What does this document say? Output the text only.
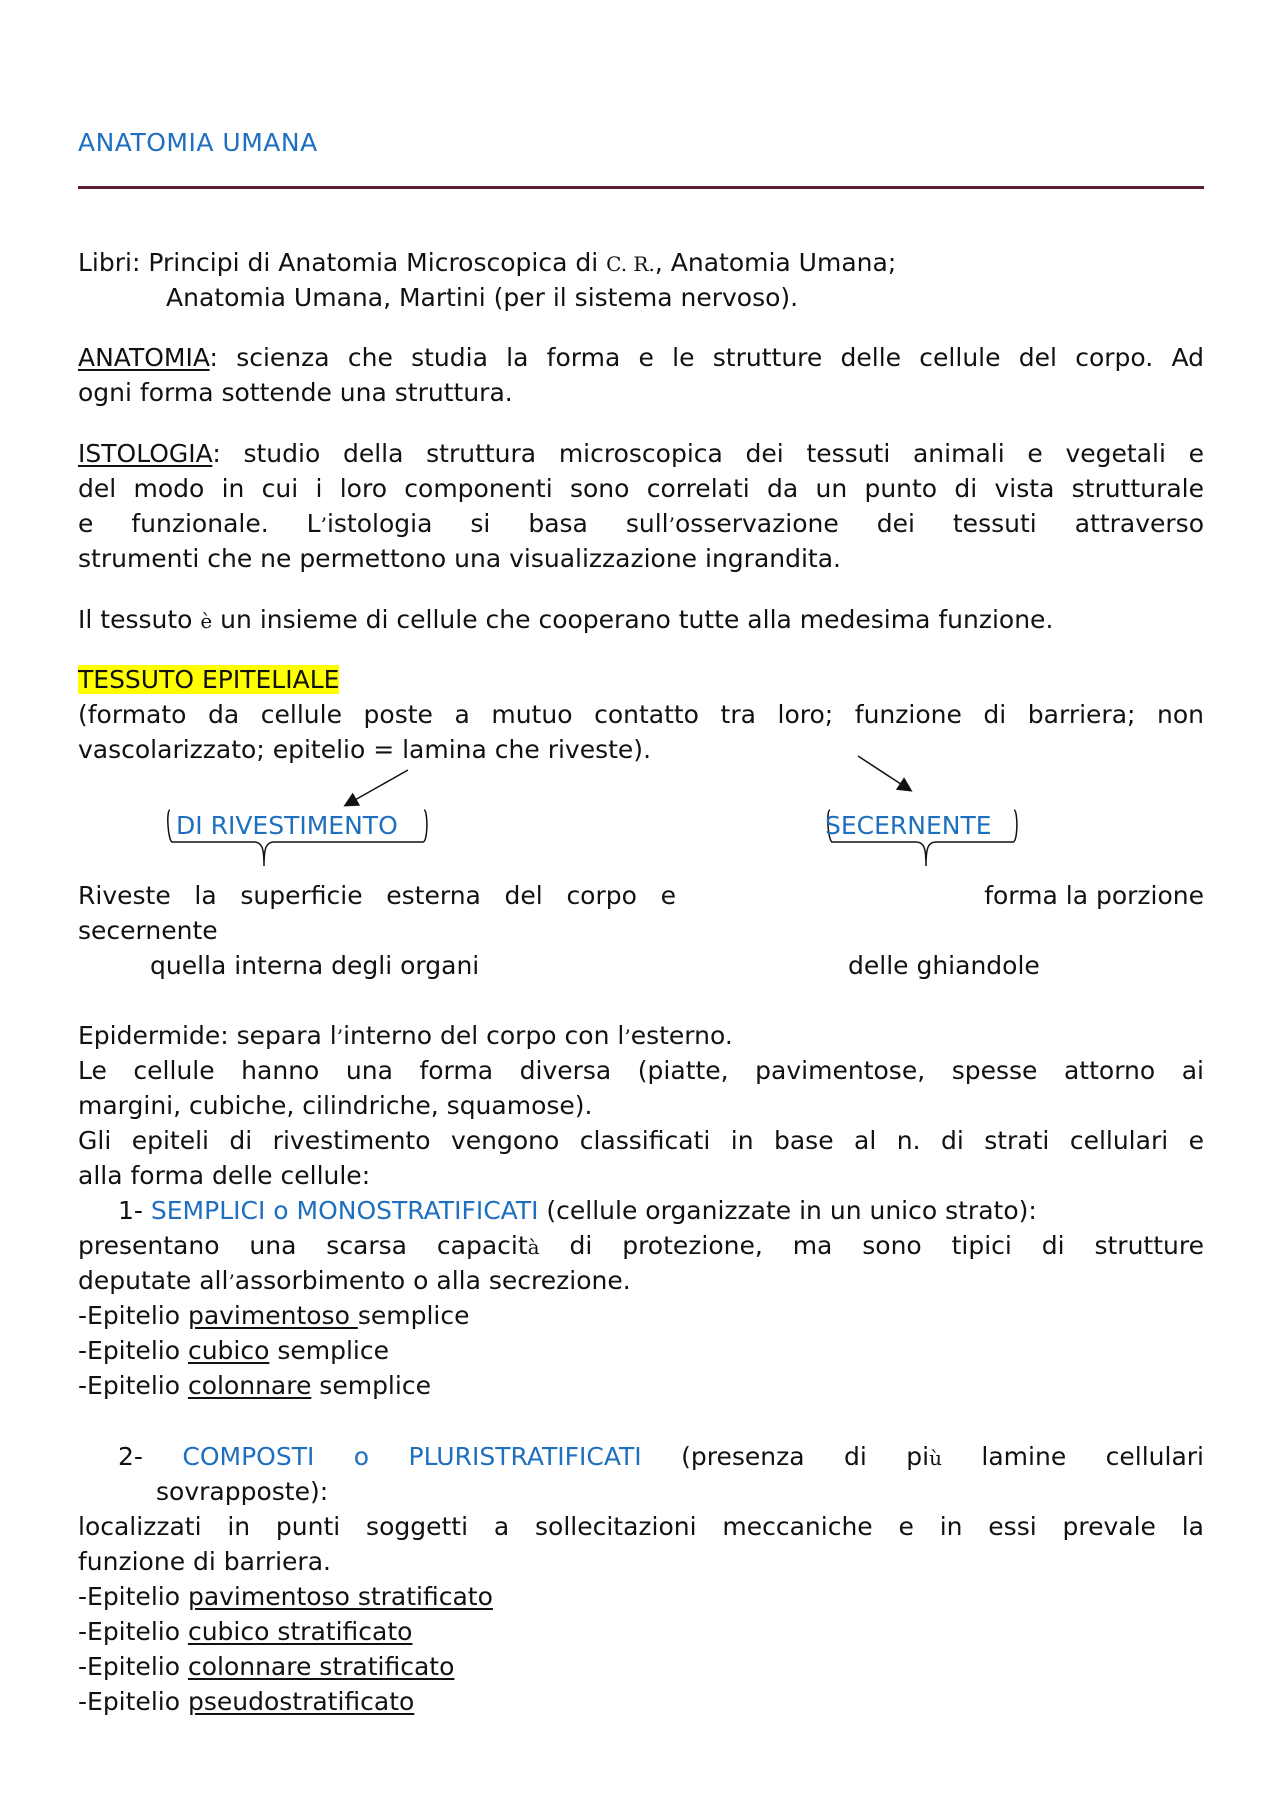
ANATOMIA UMANA
Libri: Principi di Anatomia Microscopica di C. R., Anatomia Umana;
Anatomia Umana, Martini (per il sistema nervoso).
ANATOMIA: scienza che studia la forma e le strutture delle cellule del corpo. Ad
ogni forma sottende una struttura.
ISTOLOGIA: studio della struttura microscopica dei tessuti animali e vegetali e
del modo in cui i loro componenti sono correlati da un punto di vista strutturale
e funzionale. L’istologia si basa sull’osservazione dei tessuti attraverso
strumenti che ne permettono una visualizzazione ingrandita.
Il tessuto è un insieme di cellule che cooperano tutte alla medesima funzione.
TESSUTO EPITELIALE
(formato da cellule poste a mutuo contatto tra loro; funzione di barriera; non
vascolarizzato; epitelio = lamina che riveste).
DI RIVESTIMENTO	SECERNENTE
Riveste la superficie esterna del corpo e	forma la porzione
secernente
quella interna degli organi	delle ghiandole
Epidermide: separa l’interno del corpo con l’esterno.
Le cellule hanno una forma diversa (piatte, pavimentose, spesse attorno ai
margini, cubiche, cilindriche, squamose).
Gli epiteli di rivestimento vengono classificati in base al n. di strati cellulari e
alla forma delle cellule:
1- SEMPLICI o MONOSTRATIFICATI (cellule organizzate in un unico strato):
presentano una scarsa capacità di protezione, ma sono tipici di strutture
deputate all’assorbimento o alla secrezione.
-Epitelio pavimentoso semplice
-Epitelio cubico semplice
-Epitelio colonnare semplice
2- COMPOSTI o PLURISTRATIFICATI (presenza di più lamine cellulari
sovrapposte):
localizzati in punti soggetti a sollecitazioni meccaniche e in essi prevale la
funzione di barriera.
-Epitelio pavimentoso stratificato
-Epitelio cubico stratificato
-Epitelio colonnare stratificato
-Epitelio pseudostratificato
